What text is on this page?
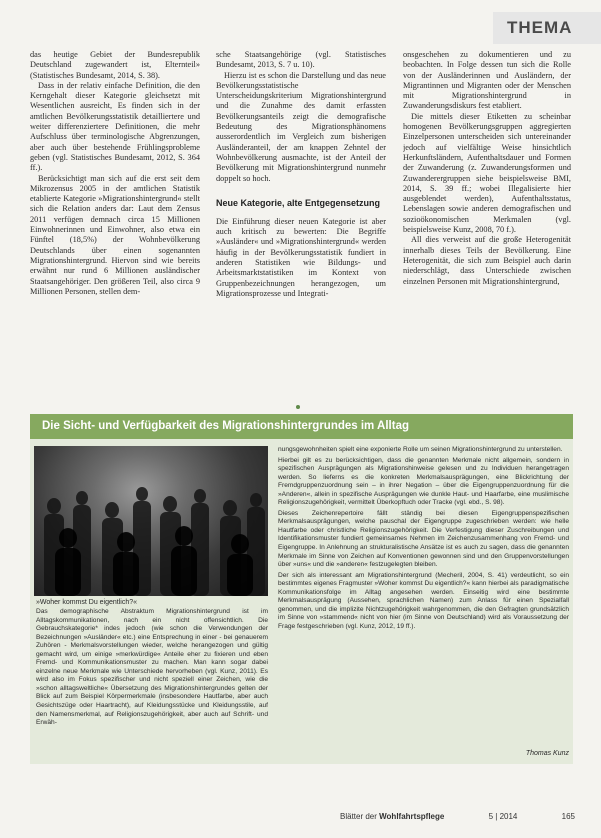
THEMA

das heutige Gebiet der Bundesrepublik Deutschland zugewandert ist, Elternteil» (Statistisches Bundesamt, 2014, S. 38).

Dass in der relativ einfache Definition, die den Kerngehalt dieser Kategorie gleichsetzt mit Wesentlichen ausreicht, Es finden sich in der amtlichen Bevölkerungsstatistik detailliertere und weiter differenziertere Definitionen, die mehr Aufschluss über terminologische Abgrenzungen, aber auch über bestehende Frühlingsprobleme geben (vgl. Statistisches Bundesamt, 2012, S. 364 ff.).

Berücksichtigt man sich auf die erst seit dem Mikrozensus 2005 in der amtlichen Statistik etablierte Kategorie »Migrationshintergrund« stellt sich die Relation anders dar: Laut dem Zensus 2011 verfügen demnach circa 15 Millionen Einwohnerinnen und Einwohner, also etwa ein Fünftel (18,5%) der Wohnbevölkerung Deutschlands über einen sogenannten Migrationshintergrund. Hiervon sind wie bereits erwähnt nur rund 6 Millionen ausländischer Staatsangehöriger. Den größeren Teil, also circa 9 Millionen Personen, stellen dem-

sche Staatsangehörige (vgl. Statistisches Bundesamt, 2013, S. 7 u. 10).

Hierzu ist es schon die Darstellung und das neue Bevölkerungsstatistische Unterscheidungskriterium Migrationshintergrund und die Zunahme des damit erfassten Bevölkerungsanteils zeigt die demografische Bedeutung des Migrationsphänomens ausserordentlich im Vergleich zum bisherigen Ausländeranteil, der am knappen Zehntel der Wohnbevölkerung ausmachte, ist der Anteil der Bevölkerung mit Migrationshintergrund nunmehr doppelt so hoch.

Neue Kategorie, alte Entgegensetzung

Die Einführung dieser neuen Kategorie ist aber auch kritisch zu bewerten: Die Begriffe »Ausländer« und »Migrationshintergrund« werden häufig in der Bevölkerungsstatistik fundiert in anderen Statistiken wie Bildungs- und Arbeitsmarktstatistiken im Kontext von Gruppenbezeichnungen herangezogen, um Migrationsprozesse und Integrati-

onsgeschehen zu dokumentieren und zu beobachten. In Folge dessen tun sich die Rolle von der Ausländerinnen und Ausländern, der Migrantinnen und Migranten oder der Menschen mit Migrationshintergrund in Zuwanderungsdiskurs fest etabliert.

Die mittels dieser Etiketten zu scheinbar homogenen Bevölkerungsgruppen aggregierten Einzelpersonen unterscheiden sich untereinander jedoch auf vielfältige Weise hinsichtlich Herkunftsländern, Aufenthaltsdauer und Formen der Zuwanderung (z. Zuwanderungsformen und Zuwanderergruppen siehe beispielsweise BMI, 2014, S. 39 ff.; wobei Illegalisierte hier ausgeblendet werden), Aufenthaltsstatus, Lebenslagen sowie anderen demografischen und sozioökonomischen Merkmalen (vgl. beispielsweise Kunz, 2008, 70 f.).

All dies verweist auf die große Heterogenität innerhalb dieses Teils der Bevölkerung. Eine Heterogenität, die sich zum Beispiel auch darin niederschlägt, dass Unterschiede zwischen einzelnen Personen mit Migrationshintergrund,

Die Sicht- und Verfügbarkeit des Migrationshintergrundes im Alltag
»Woher kommst Du eigentlich?«

Das demographische Abstraktum Migrationshintergrund ist im Alltagskommunikationen, nach ein nicht offensichtlich. Die Gebrauchskategorie* indes jedoch (wie schon die Verwendungen der Bezeichnungen »Ausländer« etc.) eine Entsprechung in einer - bei genauerem Zuhören - Merkmalsvorstellungen wieder, welche herangezogen und gültig gemacht wird, um einige »merkwürdige« Anteile eher zu fixieren und eben Fremd- und Kommunikationsmuster zu machen. Man kann sogar dabei einzelne neue Merkmale wie Unterschiede hervorheben (vgl. Kunz, 2011). Es wird also im Fokus spezifischer und nicht speziell einer Zeichen, wie die »schon alltagsweltliche« Übersetzung des Migrationshintergrundes gelten der Blick auf zum Beispiel Körpermerkmale (insbesondere Hautfarbe, aber auch Gesichtszüge oder Haartracht), auf Kleidungsstücke und Kleidungsstile, auf den Namensmerkmal, auf Religionszugehörigkeit, aber auch auf Schrift- und Erwäh-

nungsgewohnheiten spielt eine exponierte Rolle um seinen Migrationshintergrund zu unterstellen.

Hierbei gilt es zu berücksichtigen, dass die genannten Merkmale nicht allgemein, sondern in spezifischen Ausprägungen als Migrationshinweise gelesen und zu Individuen herangetragen werden. So lieferns es die konkreten Merkmalsausprägungen, eine Blickrichtung der Fremdgruppenzuordnung sein – in ihrer Negation – über die Eigengruppenzuordnung für die »Anderen«, allein in spezifische Ausprägungen wie dunkle Haut- und Haarfarbe, eine muslimische Religionszugehörigkeit, vermittelt Überkopftuch oder Tracke (vgl. ebd., S. 98).

Dieses Zeichenrepertoire fällt ständig bei diesen Eigengruppenspezifischen Merkmalsausprägungen, welche pauschal der Eigengruppe zugeschrieben werden: wie helle Hautfarbe oder christliche Religionszugehörigkeit. Die Verfestigung dieser Zuschreibungen und Identifikationsmuster fundiert gemeinsames Nehmen im Zeichenzusammenhang von Fremd- und Eigengruppe. In Anlehnung an strukturalistische Ansätze ist es auch zu sagen, dass die genannten Merkmale im Sinne von Zeichen auf Konventionen gewonnen sind und den Gruppenvorstellungen über »uns« und die »anderen« festzugelegten bleiben.

Der sich als interessant am Migrationshintergrund (Mecheril, 2004, S. 41) verdeutlicht, so ein bestimmtes eigenes Fragmuster »Woher kommst Du eigentlich?« kann hierbei als paradigmatische Kommunikationsfolge im Alltag angesehen werden. Einseitig wird eine bestimmte Merkmalsausprägung (Aussehen, sprachlichen Namen) zum Anlass für einen Spezialfall genommen, und die implizite Nichtzugehörigkeit wahrgenommen, die den Gefragten grundsätzlich im Sinne von »stammend« nicht von hier (im Sinne von Deutschland) wird als Voraussetzung der Frage festgeschrieben (vgl. Kunz, 2012, 19 ff.).

Thomas Kunz
Blätter der Wohlfahrtspflege	5 | 2014	165
